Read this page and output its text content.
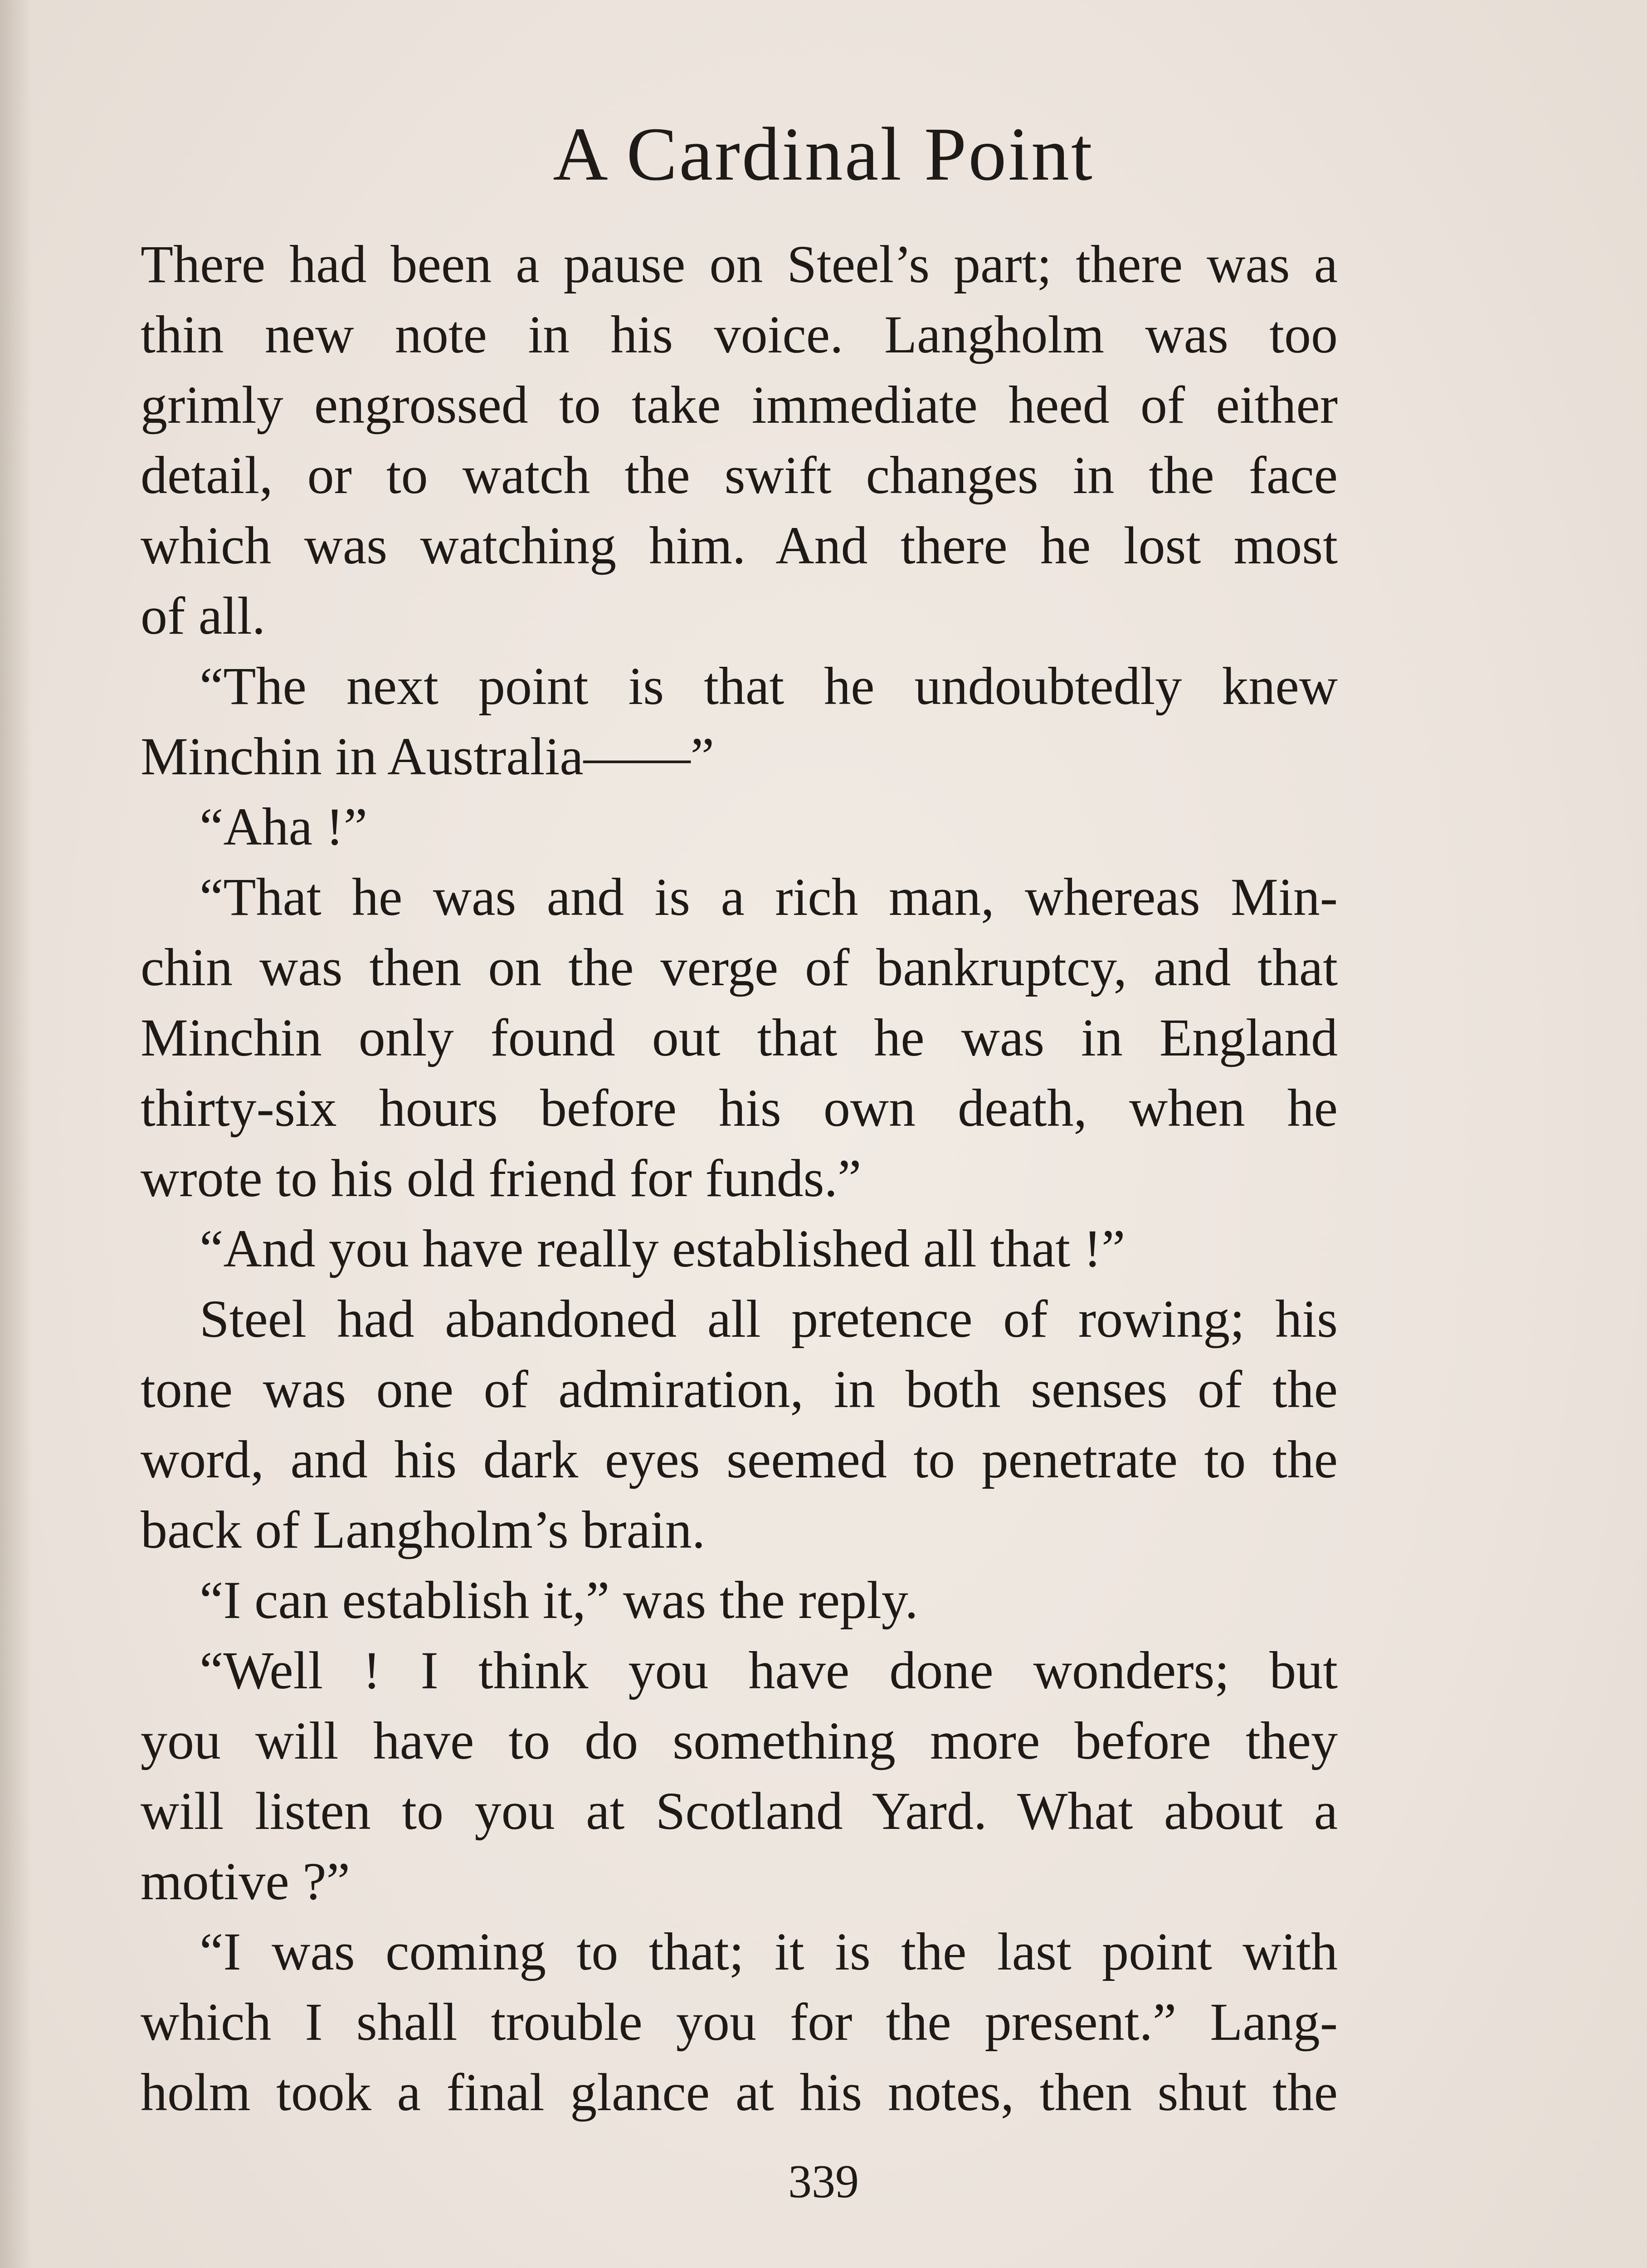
A Cardinal Point
There had been a pause on Steel’s part; there was a
thin new note in his voice. Langholm was too
grimly engrossed to take immediate heed of either
detail, or to watch the swift changes in the face
which was watching him. And there he lost most
of all.
“The next point is that he undoubtedly knew
Minchin in Australia——”
“Aha !”
“That he was and is a rich man, whereas Min-
chin was then on the verge of bankruptcy, and that
Minchin only found out that he was in England
thirty-six hours before his own death, when he
wrote to his old friend for funds.”
“And you have really established all that !”
Steel had abandoned all pretence of rowing; his
tone was one of admiration, in both senses of the
word, and his dark eyes seemed to penetrate to the
back of Langholm’s brain.
“I can establish it,” was the reply.
“Well ! I think you have done wonders; but
you will have to do something more before they
will listen to you at Scotland Yard. What about a
motive ?”
“I was coming to that; it is the last point with
which I shall trouble you for the present.” Lang-
holm took a final glance at his notes, then shut the
339
